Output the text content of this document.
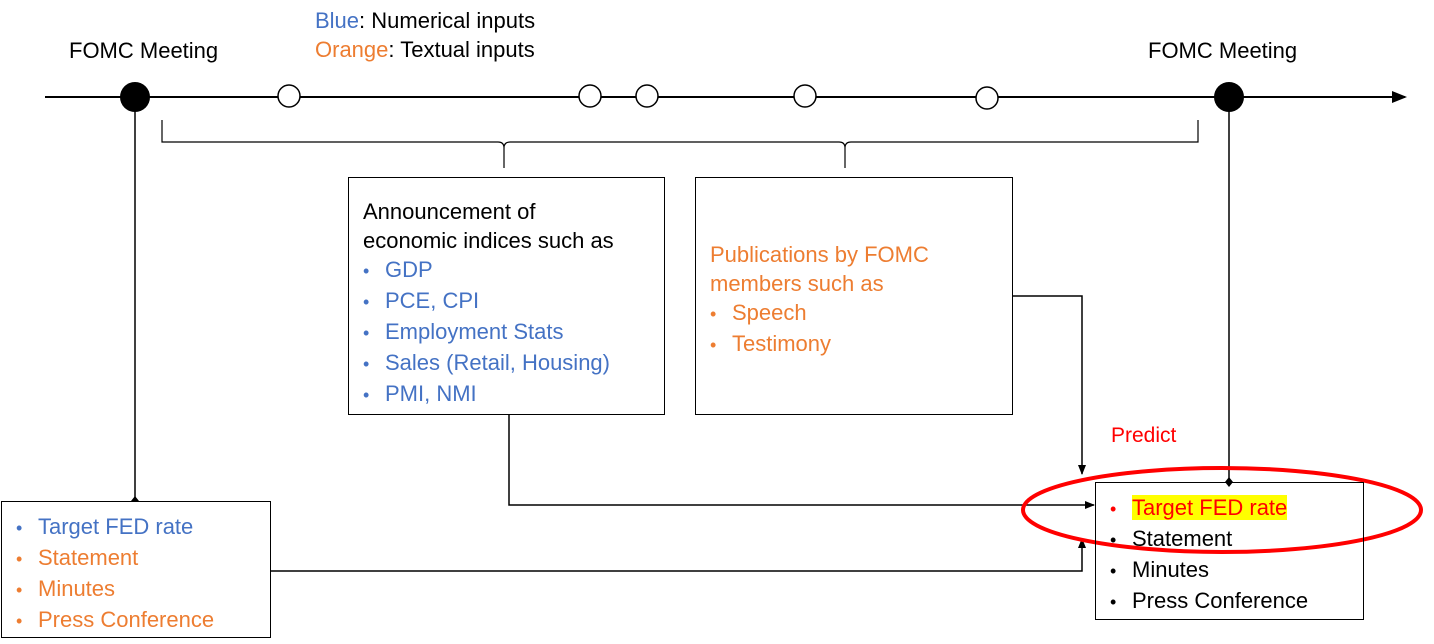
Blue: Numerical inputs
Orange: Textual inputs
FOMC Meeting	FOMC Meeting
Announcement of
economic indices such as
• GDP
• PCE, CPI
• Employment Stats
• Sales (Retail, Housing)
• PMI, NMI
Publications by FOMC
members such as
• Speech
• Testimony
• Target FED rate
• Statement
• Minutes
• Press Conference
Predict
• Target FED rate
• Statement
• Minutes
• Press Conference
